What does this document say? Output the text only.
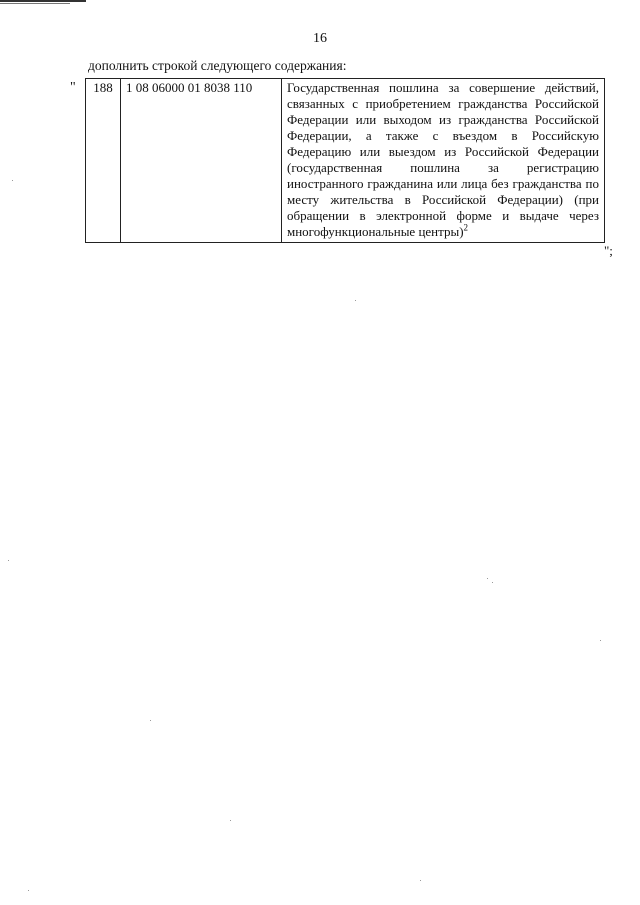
16
дополнить строкой следующего содержания:
" 188	1 08 06000 01 8038 110	Государственная пошлина за совершение действий, связанных с приобретением гражданства Российской Федерации или выходом из гражданства Российской Федерации, а также с въездом в Российскую Федерацию или выездом из Российской Федерации (государственная пошлина за регистрацию иностранного гражданина или лица без гражданства по месту жительства в Российской Федерации) (при обращении в электронной форме и выдаче через многофункциональные центры)$^2$
";
